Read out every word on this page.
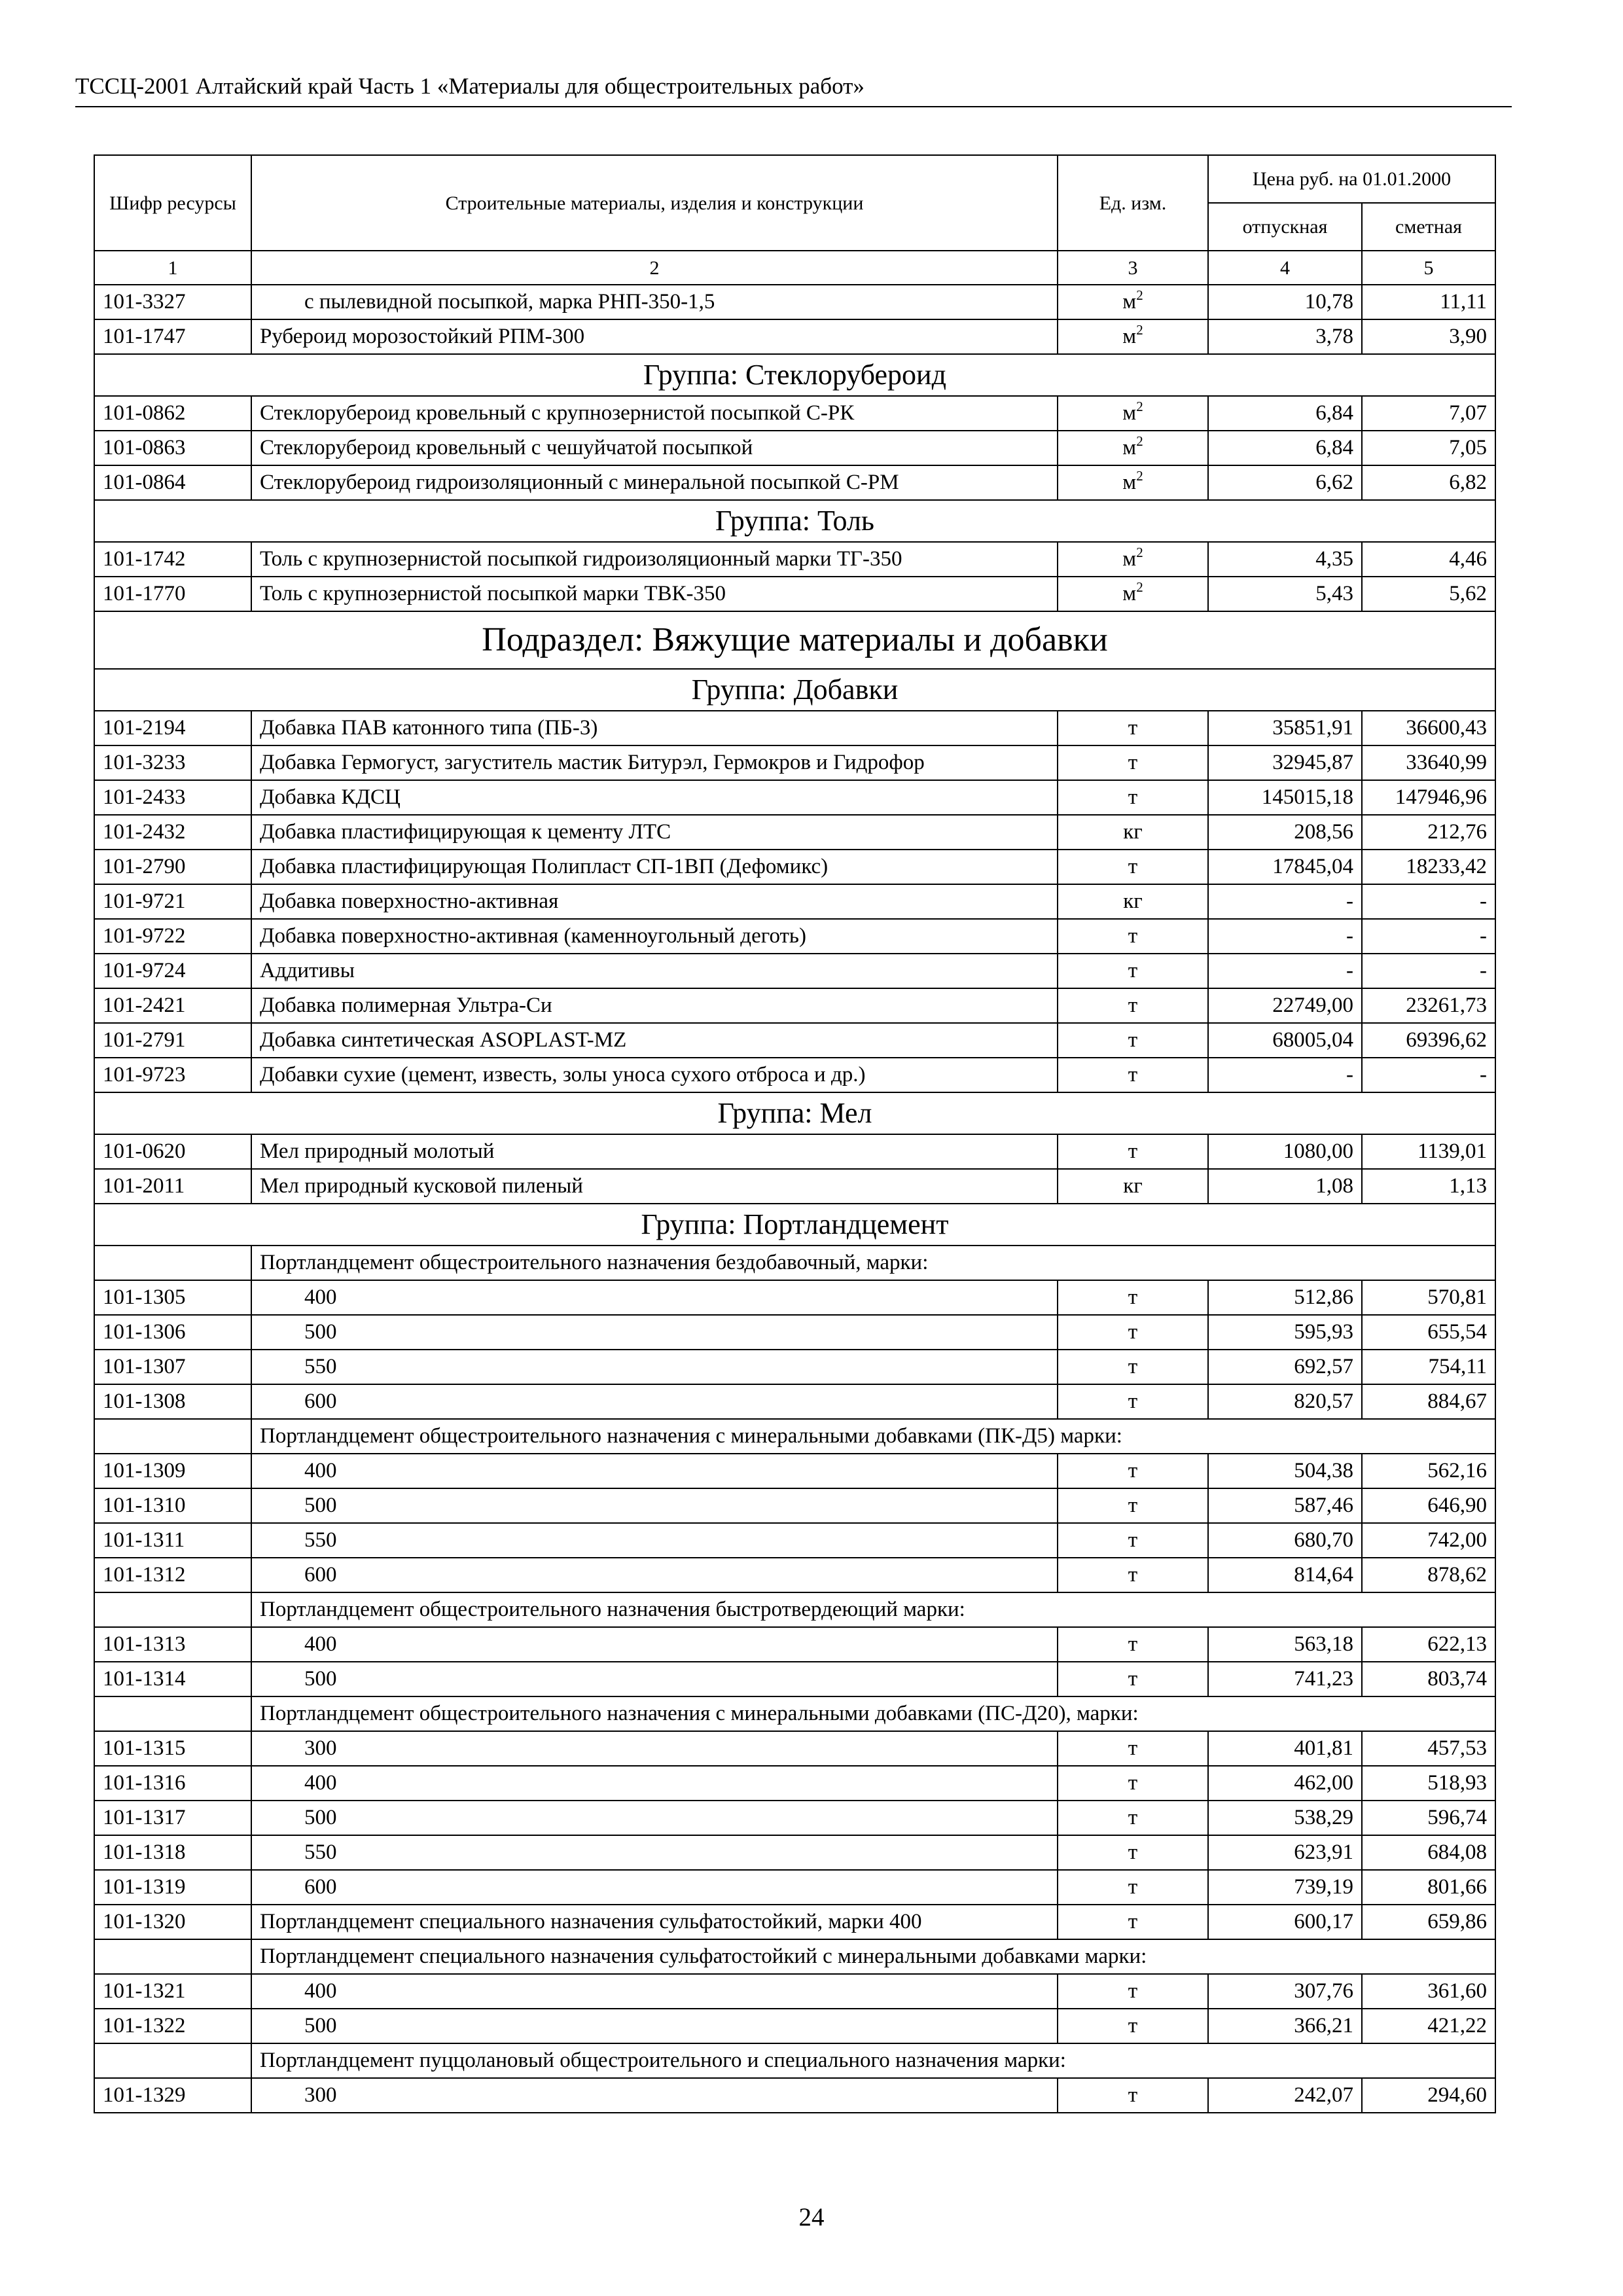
ТССЦ-2001 Алтайский край Часть 1 «Материалы для общестроительных работ»
Шифр ресурсы	Строительные материалы, изделия и конструкции	Ед. изм.	Цена руб. на 01.01.2000	
			отпускная	сметная
1	2	3	4	5
101-3327	с пылевидной посыпкой, марка РНП-350-1,5	$м^2$	10,78	11,11
101-1747	Рубероид морозостойкий РПМ-300	$м^2$	3,78	3,90
Группа: Стеклорубероид				
101-0862	Стеклорубероид кровельный с крупнозернистой посыпкой С-РК	$м^2$	6,84	7,07
101-0863	Стеклорубероид кровельный с чешуйчатой посыпкой	$м^2$	6,84	7,05
101-0864	Стеклорубероид гидроизоляционный с минеральной посыпкой С-РМ	$м^2$	6,62	6,82
Группа: Толь				
101-1742	Толь с крупнозернистой посыпкой гидроизоляционный марки ТГ-350	$м^2$	4,35	4,46
101-1770	Толь с крупнозернистой посыпкой марки ТВК-350	$м^2$	5,43	5,62
Подраздел: Вяжущие материалы и добавки				
Группа: Добавки				
101-2194	Добавка ПАВ катонного типа (ПБ-3)	т	35851,91	36600,43
101-3233	Добавка Гермогуст, загуститель мастик Битурэл, Гермокров и Гидрофор	т	32945,87	33640,99
101-2433	Добавка КДСЦ	т	145015,18	147946,96
101-2432	Добавка пластифицирующая к цементу ЛТС	кг	208,56	212,76
101-2790	Добавка пластифицирующая Полипласт СП-1ВП (Дефомикс)	т	17845,04	18233,42
101-9721	Добавка поверхностно-активная	кг	-	-
101-9722	Добавка поверхностно-активная (каменноугольный деготь)	т	-	-
101-9724	Аддитивы	т	-	-
101-2421	Добавка полимерная Ультра-Си	т	22749,00	23261,73
101-2791	Добавка синтетическая ASOPLAST-MZ	т	68005,04	69396,62
101-9723	Добавки сухие (цемент, известь, золы уноса сухого отброса и др.)	т	-	-
Группа: Мел				
101-0620	Мел природный молотый	т	1080,00	1139,01
101-2011	Мел природный кусковой пиленый	кг	1,08	1,13
Группа: Портландцемент				
	Портландцемент общестроительного назначения бездобавочный, марки:			
101-1305	400	т	512,86	570,81
101-1306	500	т	595,93	655,54
101-1307	550	т	692,57	754,11
101-1308	600	т	820,57	884,67
	Портландцемент общестроительного назначения с минеральными добавками (ПК-Д5) марки:			
101-1309	400	т	504,38	562,16
101-1310	500	т	587,46	646,90
101-1311	550	т	680,70	742,00
101-1312	600	т	814,64	878,62
	Портландцемент общестроительного назначения быстротвердеющий марки:			
101-1313	400	т	563,18	622,13
101-1314	500	т	741,23	803,74
	Портландцемент общестроительного назначения с минеральными добавками (ПС-Д20), марки:			
101-1315	300	т	401,81	457,53
101-1316	400	т	462,00	518,93
101-1317	500	т	538,29	596,74
101-1318	550	т	623,91	684,08
101-1319	600	т	739,19	801,66
101-1320	Портландцемент специального назначения сульфатостойкий, марки 400	т	600,17	659,86
	Портландцемент специального назначения сульфатостойкий с минеральными добавками марки:			
101-1321	400	т	307,76	361,60
101-1322	500	т	366,21	421,22
	Портландцемент пуццолановый общестроительного и специального назначения марки:			
101-1329	300	т	242,07	294,60
24
